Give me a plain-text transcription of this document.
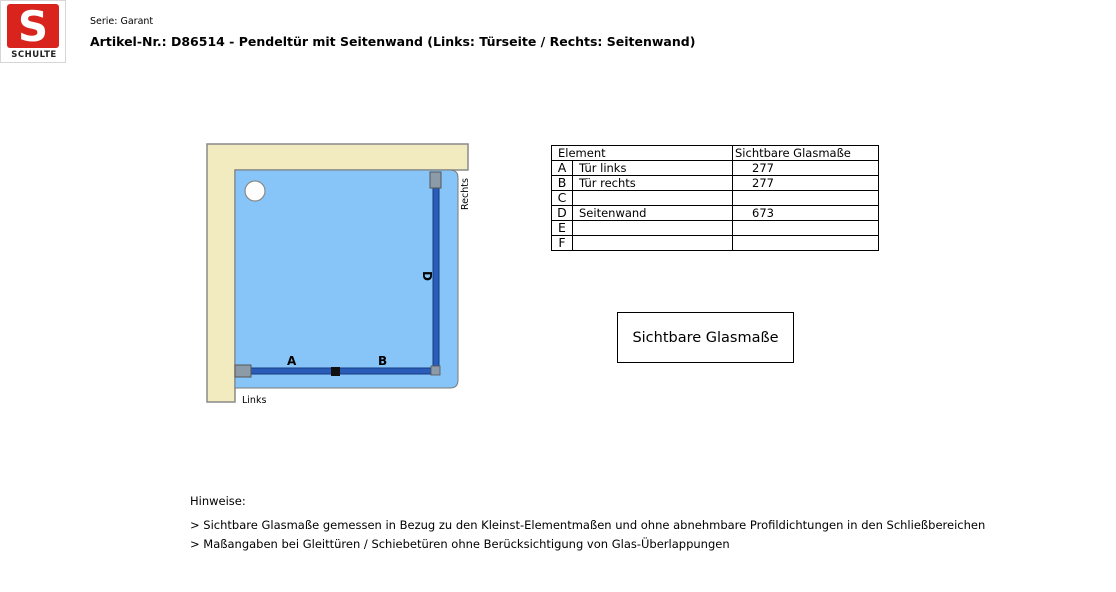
S
SCHULTE
Serie: Garant
Artikel-Nr.: D86514 - Pendeltür mit Seitenwand (Links: Türseite / Rechts: Seitenwand)
A	B
D
Rechts
Links
Element		Sichtbare Glasmaße
A	Tür links	277
B	Tür rechts	277
C		
D	Seitenwand	673
E		
F		
Sichtbare Glasmaße
Hinweise:
> Sichtbare Glasmaße gemessen in Bezug zu den Kleinst-Elementmaßen und ohne abnehmbare Profildichtungen in den Schließbereichen
> Maßangaben bei Gleittüren / Schiebetüren ohne Berücksichtigung von Glas-Überlappungen
